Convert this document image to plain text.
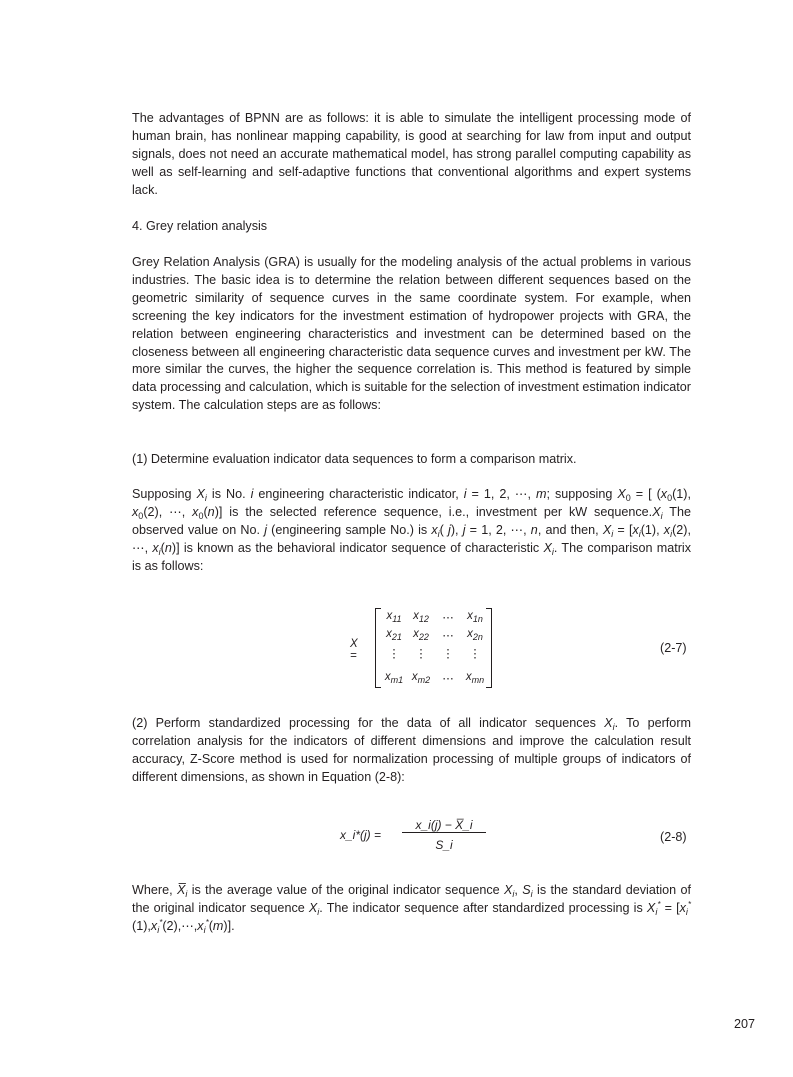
The advantages of BPNN are as follows: it is able to simulate the intelligent processing mode of human brain, has nonlinear mapping capability, is good at searching for law from input and output signals, does not need an accurate mathematical model, has strong parallel computing capability as well as self-learning and self-adaptive functions that conventional algorithms and expert systems lack.
4. Grey relation analysis
Grey Relation Analysis (GRA) is usually for the modeling analysis of the actual problems in various industries. The basic idea is to determine the relation between different sequences based on the geometric similarity of sequence curves in the same coordinate system. For example, when screening the key indicators for the investment estimation of hydropower projects with GRA, the relation between engineering characteristics and investment can be determined based on the closeness between all engineering characteristic data sequence curves and investment per kW. The more similar the curves, the higher the sequence correlation is. This method is featured by simple data processing and calculation, which is suitable for the selection of investment estimation indicator system. The calculation steps are as follows:
(1) Determine evaluation indicator data sequences to form a comparison matrix.
Supposing $X_i$ is No. i engineering characteristic indicator, i = 1, 2, ⋯, m; supposing $X_0$ = [ ($x_0(1)$, $x_0(2)$, ⋯, $x_0(n)$] is the selected reference sequence, i.e., investment per kW $sequence.X_i$ The observed value on No. j (engineering sample No.) is $x_i$( j), j = 1, 2, ⋯, n, and then, $X_i = [x_i(1)$, $x_i(2)$, ⋯, $x_i(n)$] is known as the behavioral indicator sequence of characteristic $X_i$. The comparison matrix is as follows:
X =
$x_{11}$	$x_{12}$	⋯	$x_{1n}$
$x_{21}$ $x_{22}$	⋯	$x_{2n}$
⋮	⋮	⋮	⋮
$x_{m1}$ $x_{m2}$	⋯	$x_{mn}$
(2-7)
(2) Perform standardized processing for the data of all indicator sequences $X_i$. To perform correlation analysis for the indicators of different dimensions and improve the calculation result accuracy, Z-Score method is used for normalization processing of multiple groups of indicators of different dimensions, as shown in Equation (2-8):
x_i*(j) =
x_i(j) − X̅_i
S_i
(2-8)
Where, $X̅_i$ is the average value of the original indicator sequence $X_i$, $S_i$ is the standard deviation of the original indicator sequence $X_i$. The indicator sequence after standardized processing is $X_i^*$ = $[x_i^*(1),x_i^*(2),\cdots,x_i^*(m)]$.
207
